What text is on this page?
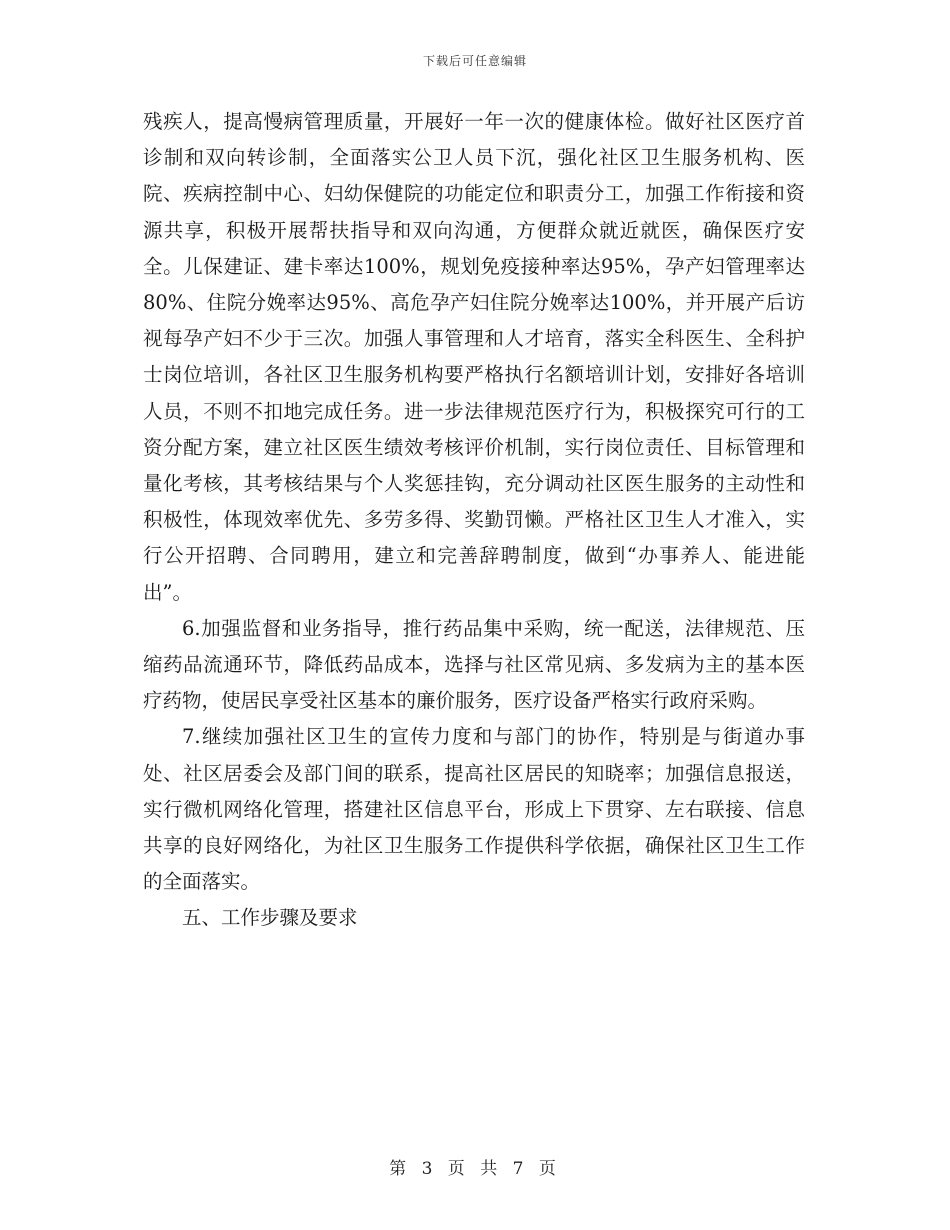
下载后可任意编辑

残疾人，提高慢病管理质量，开展好一年一次的健康体检。做好社区医疗首诊制和双向转诊制，全面落实公卫人员下沉，强化社区卫生服务机构、医院、疾病控制中心、妇幼保健院的功能定位和职责分工，加强工作衔接和资源共享，积极开展帮扶指导和双向沟通，方便群众就近就医，确保医疗安全。儿保建证、建卡率达100%，规划免疫接种率达95%，孕产妇管理率达80%、住院分娩率达95%、高危孕产妇住院分娩率达100%，并开展产后访视每孕产妇不少于三次。加强人事管理和人才培育，落实全科医生、全科护士岗位培训，各社区卫生服务机构要严格执行名额培训计划，安排好各培训人员，不则不扣地完成任务。进一步法律规范医疗行为，积极探究可行的工资分配方案，建立社区医生绩效考核评价机制，实行岗位责任、目标管理和量化考核，其考核结果与个人奖惩挂钩，充分调动社区医生服务的主动性和积极性，体现效率优先、多劳多得、奖勤罚懒。严格社区卫生人才准入，实行公开招聘、合同聘用，建立和完善辞聘制度，做到“办事养人、能进能出”。

6.加强监督和业务指导，推行药品集中采购，统一配送，法律规范、压缩药品流通环节，降低药品成本，选择与社区常见病、多发病为主的基本医疗药物，使居民享受社区基本的廉价服务，医疗设备严格实行政府采购。

7.继续加强社区卫生的宣传力度和与部门的协作，特别是与街道办事处、社区居委会及部门间的联系，提高社区居民的知晓率；加强信息报送，实行微机网络化管理，搭建社区信息平台，形成上下贯穿、左右联接、信息共享的良好网络化，为社区卫生服务工作提供科学依据，确保社区卫生工作的全面落实。

五、工作步骤及要求

第 3 页 共 7 页
